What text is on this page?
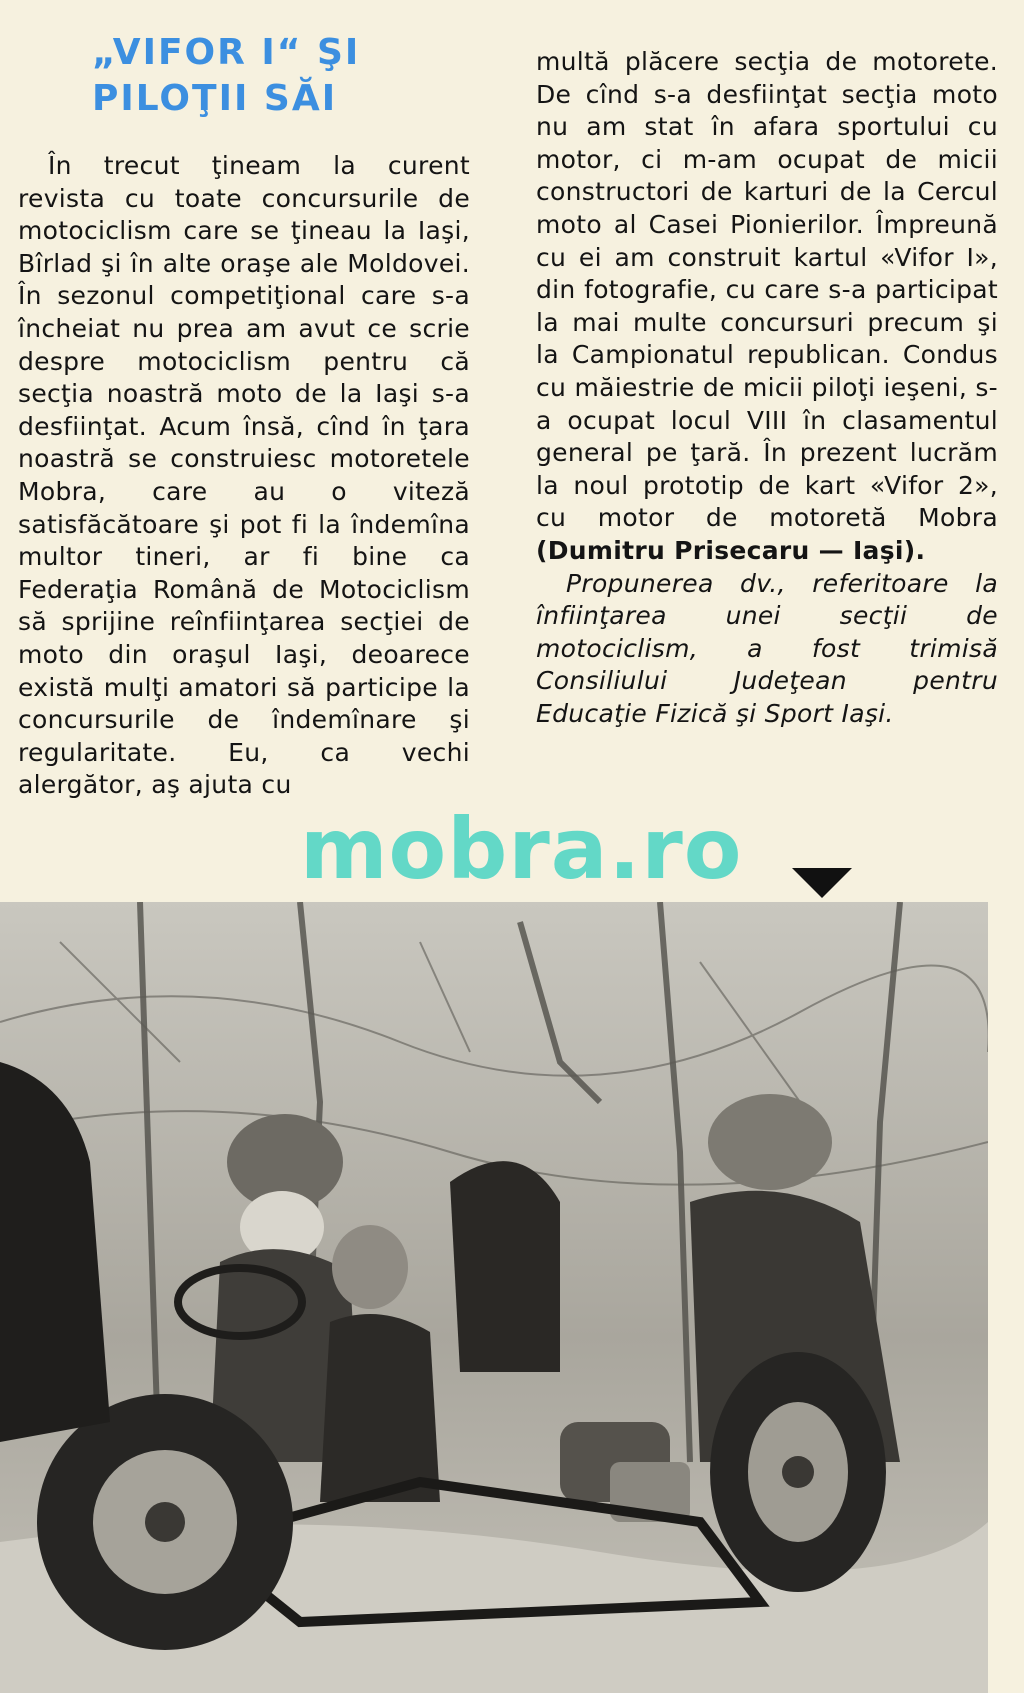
„VIFOR I“ ŞI
PILOŢII SĂI

În trecut ţineam la curent revista cu toate concursurile de motociclism care se ţineau la Iaşi, Bîrlad şi în alte oraşe ale Moldovei. În sezonul competiţional care s-a încheiat nu prea am avut ce scrie despre motociclism pentru că secţia noastră moto de la Iaşi s-a desfiinţat. Acum însă, cînd în ţara noastră se construiesc motoretele Mobra, care au o viteză satisfăcătoare şi pot fi la îndemîna multor tineri, ar fi bine ca Federaţia Română de Motociclism să sprijine reînfiinţarea secţiei de moto din oraşul Iaşi, deoarece există mulţi amatori să participe la concursurile de îndemînare şi regularitate. Eu, ca vechi alergător, aş ajuta cu

multă plăcere secţia de motorete. De cînd s-a desfiinţat secţia moto nu am stat în afara sportului cu motor, ci m-am ocupat de micii constructori de karturi de la Cercul moto al Casei Pionierilor. Împreună cu ei am construit kartul «Vifor I», din fotografie, cu care s-a participat la mai multe concursuri precum şi la Campionatul republican. Condus cu măiestrie de micii piloţi ieşeni, s-a ocupat locul VIII în clasamentul general pe ţară. În prezent lucrăm la noul prototip de kart «Vifor 2», cu motor de motoretă Mobra (Dumitru Prisecaru — Iaşi).

Propunerea dv., referitoare la înfiinţarea unei secţii de motociclism, a fost trimisă Consiliului Judeţean pentru Educaţie Fizică şi Sport Iaşi.

mobra.ro
